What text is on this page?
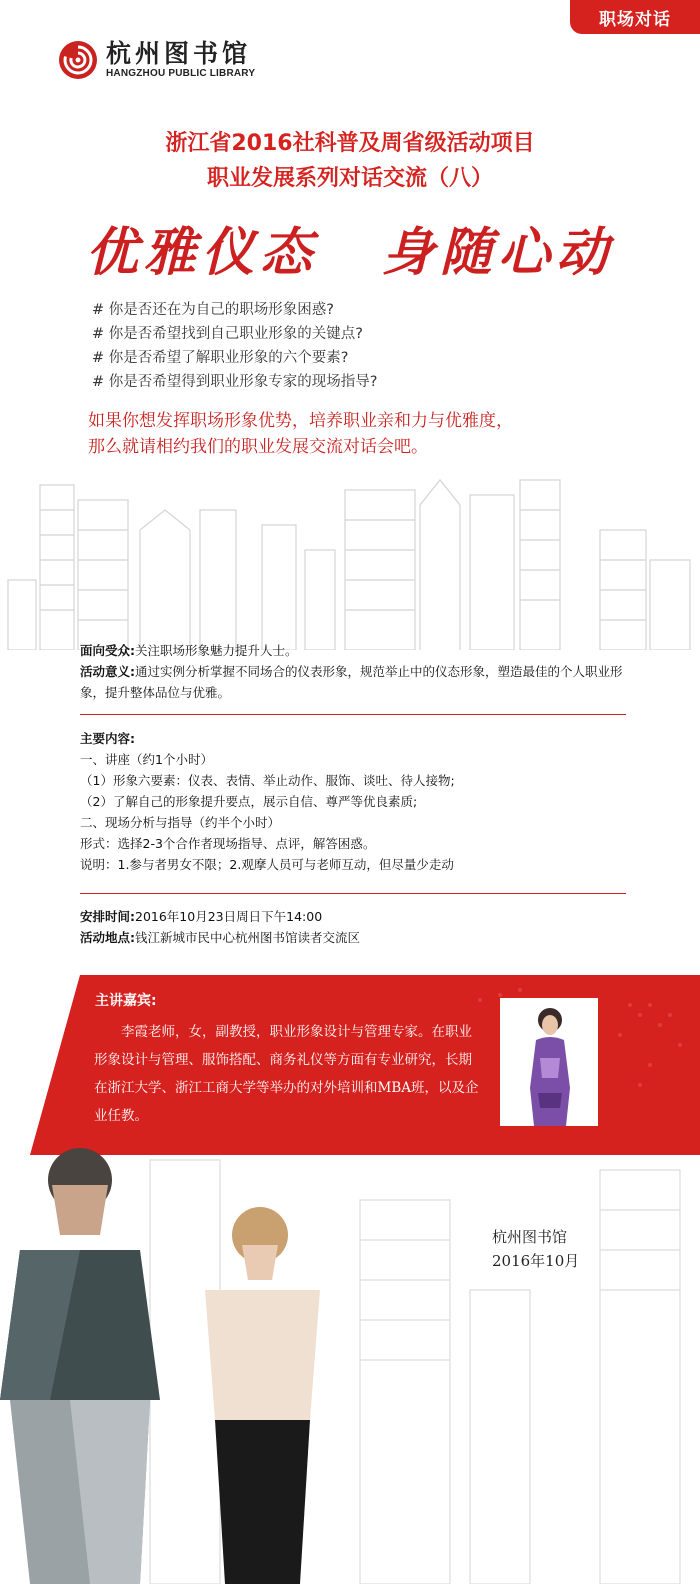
职场对话
杭州图书馆
HANGZHOU PUBLIC LIBRARY
浙江省2016社科普及周省级活动项目
职业发展系列对话交流（八）
优雅仪态 身随心动
# 你是否还在为自己的职场形象困惑?
# 你是否希望找到自己职业形象的关键点?
# 你是否希望了解职业形象的六个要素?
# 你是否希望得到职业形象专家的现场指导?
如果你想发挥职场形象优势，培养职业亲和力与优雅度，
那么就请相约我们的职业发展交流对话会吧。
面向受众:关注职场形象魅力提升人士。
活动意义:通过实例分析掌握不同场合的仪表形象，规范举止中的仪态形象，塑造最佳的个人职业形象，提升整体品位与优雅。
主要内容:
一、讲座（约1个小时）
（1）形象六要素：仪表、表情、举止动作、服饰、谈吐、待人接物;
（2）了解自己的形象提升要点，展示自信、尊严等优良素质;
二、现场分析与指导（约半个小时）
形式：选择2-3个合作者现场指导、点评，解答困惑。
说明：1.参与者男女不限；2.观摩人员可与老师互动，但尽量少走动
安排时间:2016年10月23日周日下午14:00
活动地点:钱江新城市民中心杭州图书馆读者交流区
主讲嘉宾:
　　李霞老师，女，副教授，职业形象设计与管理专家。在职业形象设计与管理、服饰搭配、商务礼仪等方面有专业研究，长期在浙江大学、浙江工商大学等举办的对外培训和MBA班，以及企业任教。
杭州图书馆
2016年10月
